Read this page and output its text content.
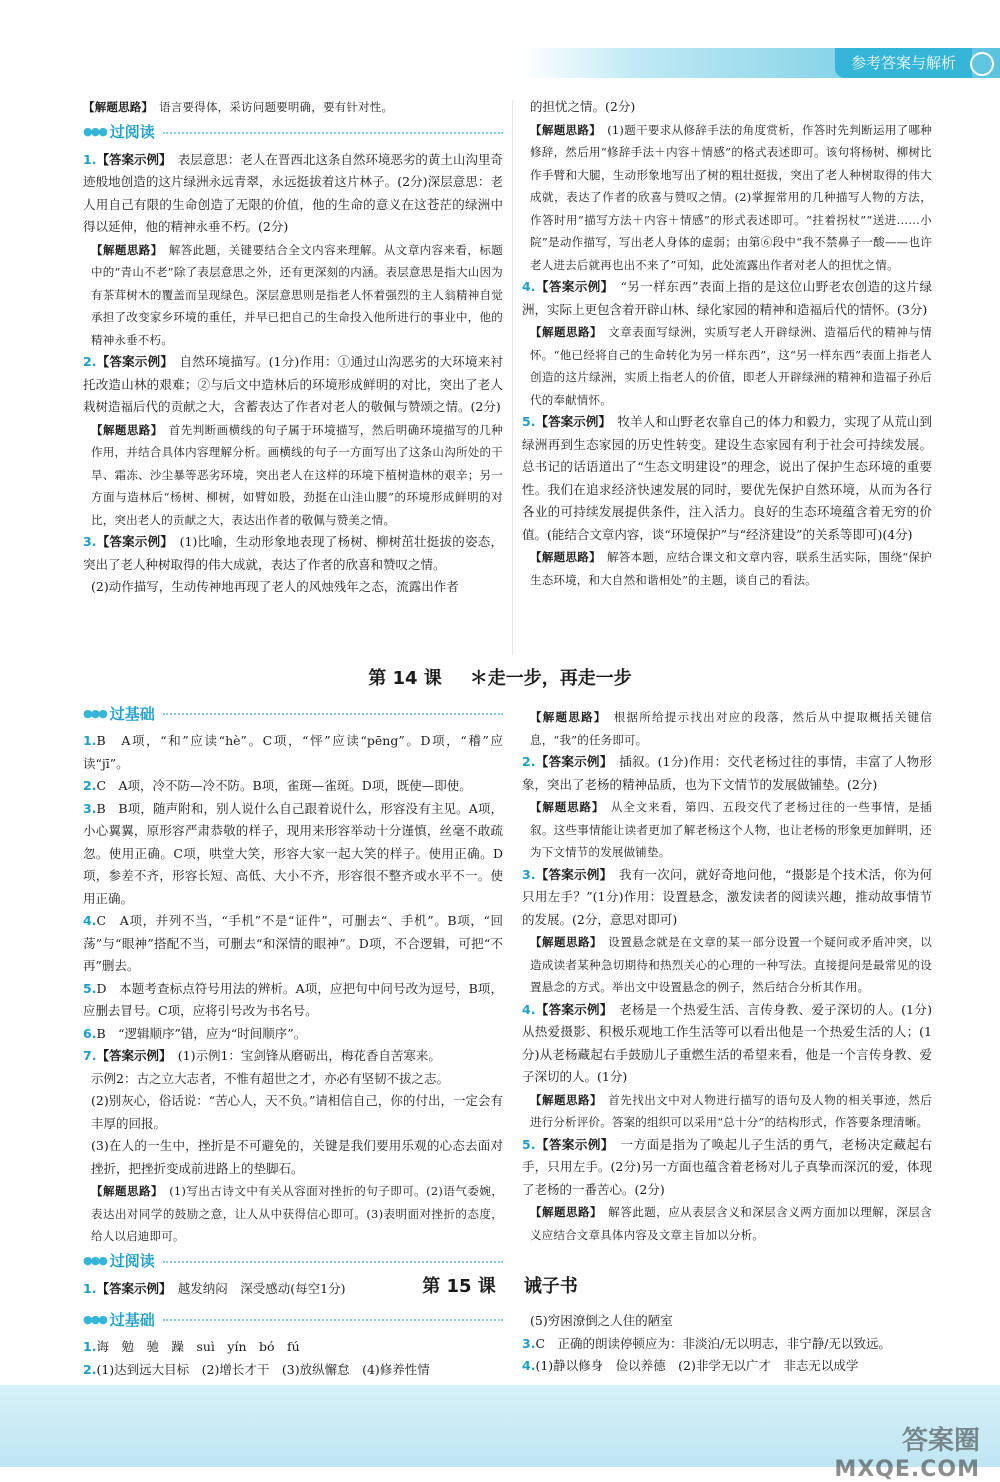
参考答案与解析

【解题思路】　 语言要得体，采访问题要明确，要有针对性。

●●● 过阅读

1.【答案示例】　 表层意思：老人在晋西北这条自然环境恶劣的黄土山沟里奇迹般地创造的这片绿洲永远青翠，永远挺拔着这片林子。(2分)深层意思：老人用自己有限的生命创造了无限的价值，他的生命的意义在这苍茫的绿洲中得以延伸，他的精神永垂不朽。(2分)

【解题思路】　 解答此题，关键要结合全文内容来理解。从文章内容来看，标题中的“青山不老”除了表层意思之外，还有更深刻的内涵。表层意思是指大山因为有茶茸树木的覆盖而呈现绿色。深层意思则是指老人怀着强烈的主人翁精神自觉承担了改变家乡环境的重任，并早已把自己的生命投入他所进行的事业中，他的精神永垂不朽。

2.【答案示例】　 自然环境描写。(1分)作用：①通过山沟恶劣的大环境来衬托改造山林的艰难；②与后文中造林后的环境形成鲜明的对比，突出了老人栽树造福后代的贡献之大，含蓄表达了作者对老人的敬佩与赞颂之情。(2分)

【解题思路】　 首先判断画横线的句子属于环境描写，然后明确环境描写的几种作用，并结合具体内容理解分析。画横线的句子一方面写出了这条山沟所处的干旱、霜冻、沙尘暴等恶劣环境，突出老人在这样的环境下植树造林的艰辛；另一方面与造林后“杨树、柳树，如臂如股，劲挺在山洼山腰”的环境形成鲜明的对比，突出老人的贡献之大，表达出作者的敬佩与赞美之情。

3.【答案示例】　 (1)比喻，生动形象地表现了杨树、柳树茁壮挺拔的姿态，突出了老人种树取得的伟大成就，表达了作者的欣喜和赞叹之情。

(2)动作描写，生动传神地再现了老人的风烛残年之态，流露出作者

的担忧之情。(2分)

【解题思路】　 (1)题干要求从修辞手法的角度赏析，作答时先判断运用了哪种修辞，然后用“修辞手法＋内容＋情感”的格式表述即可。该句将杨树、柳树比作手臂和大腿，生动形象地写出了树的粗壮挺拔，突出了老人种树取得的伟大成就，表达了作者的欣喜与赞叹之情。(2)掌握常用的几种描写人物的方法，作答时用“描写方法＋内容＋情感”的形式表述即可。“拄着拐杖”“送进……小院”是动作描写，写出老人身体的虚弱；由第⑥段中“我不禁鼻子一酸——也许老人进去后就再也出不来了”可知，此处流露出作者对老人的担忧之情。

4.【答案示例】　 “另一样东西”表面上指的是这位山野老农创造的这片绿洲，实际上更包含着开辟山林、绿化家园的精神和造福后代的情怀。(3分)

【解题思路】　 文章表面写绿洲，实质写老人开辟绿洲、造福后代的精神与情怀。“他已经将自己的生命转化为另一样东西”，这“另一样东西”表面上指老人创造的这片绿洲，实质上指老人的价值，即老人开辟绿洲的精神和造福子孙后代的奉献情怀。

5.【答案示例】　 牧羊人和山野老农靠自己的体力和毅力，实现了从荒山到绿洲再到生态家园的历史性转变。建设生态家园有利于社会可持续发展。总书记的话语道出了“生态文明建设”的理念，说出了保护生态环境的重要性。我们在追求经济快速发展的同时，要优先保护自然环境，从而为各行各业的可持续发展提供条件，注入活力。良好的生态环境蕴含着无穷的价值。(能结合文章内容，谈“环境保护”与“经济建设”的关系等即可)(4分)

【解题思路】　 解答本题，应结合课文和文章内容，联系生活实际，围绕“保护生态环境，和大自然和谐相处”的主题，谈自己的看法。

第 14 课 ＊走一步，再走一步
●●● 过基础

1.B　A项，“和”应读“hè”。C项，“怦”应读“pēng”。D项，“稽”应读“jī”。

2.C　A项，冷不防—冷不防。B项，雀斑—雀斑。D项，既使—即使。

3.B　B项，随声附和，别人说什么自己跟着说什么，形容没有主见。A项，小心翼翼，原形容严肃恭敬的样子，现用来形容举动十分谨慎，丝毫不敢疏忽。使用正确。C项，哄堂大笑，形容大家一起大笑的样子。使用正确。D项，参差不齐，形容长短、高低、大小不齐，形容很不整齐或水平不一。使用正确。

4.C　A项，并列不当，“手机”不是“证件”，可删去“、手机”。B项，“回荡”与“眼神”搭配不当，可删去“和深情的眼神”。D项，不合逻辑，可把“不再”删去。

5.D　本题考查标点符号用法的辨析。A项，应把句中问号改为逗号，B项，应删去冒号。C项，应将引号改为书名号。

6.B　“逻辑顺序”错，应为“时间顺序”。

7.【答案示例】　 (1)示例1：宝剑锋从磨砺出，梅花香自苦寒来。

示例2：古之立大志者，不惟有超世之才，亦必有坚韧不拔之志。

(2)别灰心，俗话说：“苦心人，天不负。”请相信自己，你的付出，一定会有丰厚的回报。

(3)在人的一生中，挫折是不可避免的，关键是我们要用乐观的心态去面对挫折，把挫折变成前进路上的垫脚石。

【解题思路】　 (1)写出古诗文中有关从容面对挫折的句子即可。(2)语气委婉，表达出对同学的鼓励之意，让人从中获得信心即可。(3)表明面对挫折的态度，给人以启迪即可。

●●● 过阅读

1.【答案示例】　 越发纳闷　深受感动(每空1分)

【解题思路】　 根据所给提示找出对应的段落，然后从中提取概括关键信息，“我”的任务即可。

2.【答案示例】　 插叙。(1分)作用：交代老杨过往的事情，丰富了人物形象，突出了老杨的精神品质，也为下文情节的发展做铺垫。(2分)

【解题思路】　 从全文来看，第四、五段交代了老杨过往的一些事情，是插叙。这些事情能让读者更加了解老杨这个人物，也让老杨的形象更加鲜明，还为下文情节的发展做铺垫。

3.【答案示例】　 我有一次问，就好奇地问他，“摄影是个技术活，你为何只用左手？”(1分)作用：设置悬念，激发读者的阅读兴趣，推动故事情节的发展。(2分，意思对即可)

【解题思路】　 设置悬念就是在文章的某一部分设置一个疑问或矛盾冲突，以造成读者某种急切期待和热烈关心的心理的一种写法。直接提问是最常见的设置悬念的方式。举出文中设置悬念的例子，然后结合分析其作用。

4.【答案示例】　 老杨是一个热爱生活、言传身教、爱子深切的人。(1分)从热爱摄影、积极乐观地工作生活等可以看出他是一个热爱生活的人；(1分)从老杨藏起右手鼓励儿子重燃生活的希望来看，他是一个言传身教、爱子深切的人。(1分)

【解题思路】　 首先找出文中对人物进行描写的语句及人物的相关事迹，然后进行分析评价。答案的组织可以采用“总十分”的结构形式，作答要条理清晰。

5.【答案示例】　 一方面是指为了唤起儿子生活的勇气，老杨决定藏起右手，只用左手。(2分)另一方面也蕴含着老杨对儿子真挚而深沉的爱，体现了老杨的一番苦心。(2分)

【解题思路】　 解答此题，应从表层含义和深层含义两方面加以理解，深层含义应结合文章具体内容及文章主旨加以分析。

第 15 课 诫子书
●●● 过基础

1.诲　勉　驰　躁　suì　yín　bó　fú

2.(1)达到远大目标　(2)增长才干　(3)放纵懈怠　(4)修养性情

(5)穷困潦倒之人住的陋室

3.C　正确的朗读停顿应为：非淡泊/无以明志，非宁静/无以致远。

4.(1)静以修身　俭以养德　(2)非学无以广才　非志无以成学

答案圈
MXQE.COM
